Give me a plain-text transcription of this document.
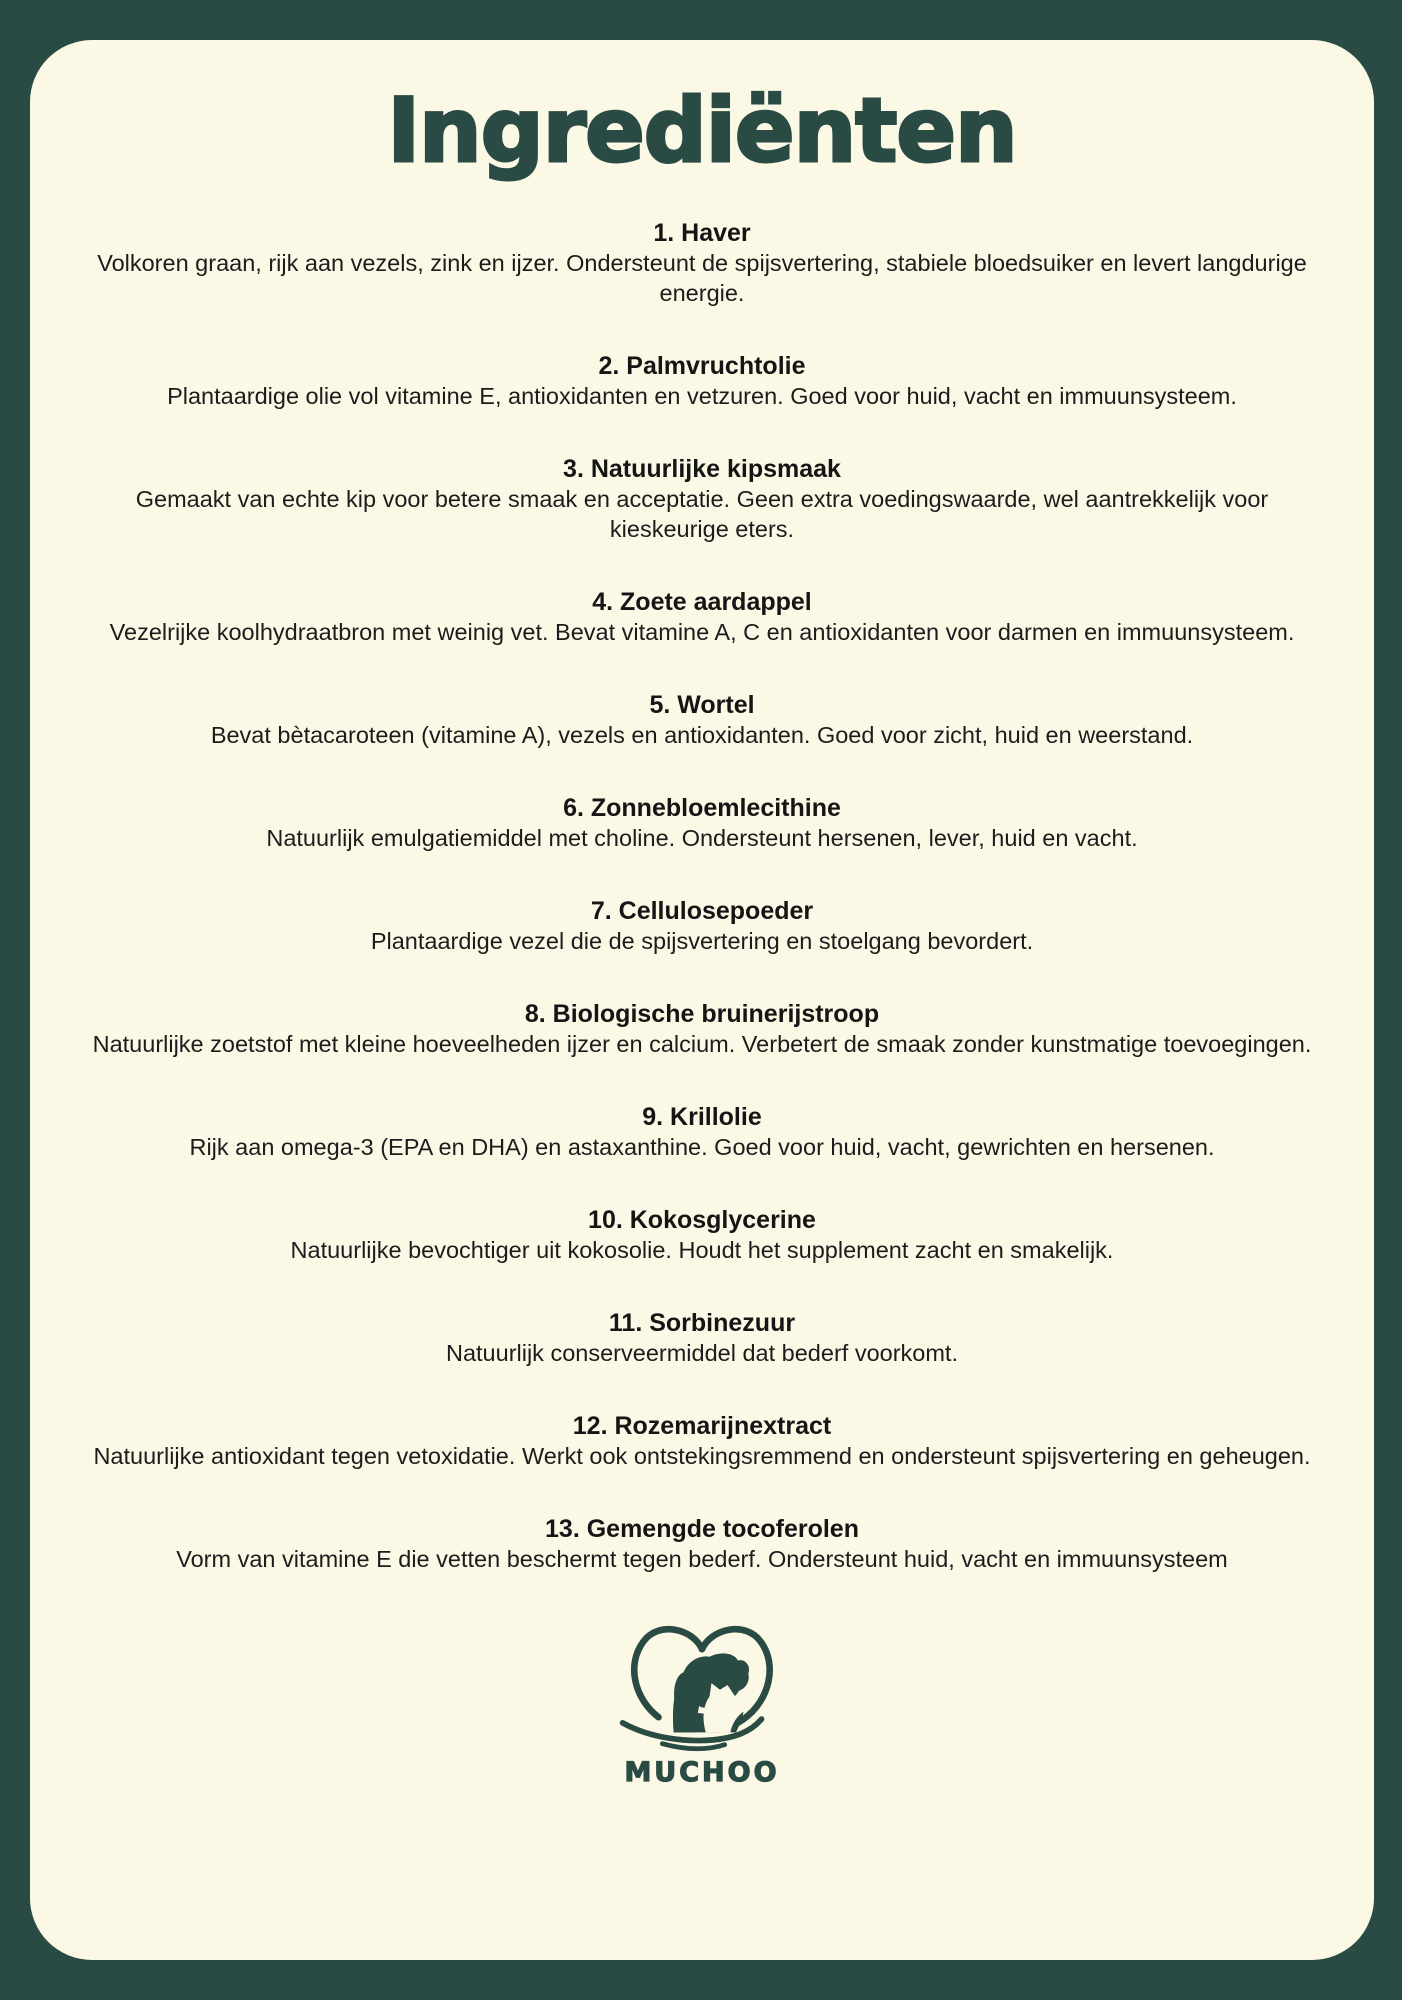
Ingrediënten
1. Haver

Volkoren graan, rijk aan vezels, zink en ijzer. Ondersteunt de spijsvertering, stabiele bloedsuiker en levert langdurige energie.

2. Palmvruchtolie

Plantaardige olie vol vitamine E, antioxidanten en vetzuren. Goed voor huid, vacht en immuunsysteem.

3. Natuurlijke kipsmaak

Gemaakt van echte kip voor betere smaak en acceptatie. Geen extra voedingswaarde, wel aantrekkelijk voor kieskeurige eters.

4. Zoete aardappel

Vezelrijke koolhydraatbron met weinig vet. Bevat vitamine A, C en antioxidanten voor darmen en immuunsysteem.

5. Wortel

Bevat bètacaroteen (vitamine A), vezels en antioxidanten. Goed voor zicht, huid en weerstand.

6. Zonnebloemlecithine

Natuurlijk emulgatiemiddel met choline. Ondersteunt hersenen, lever, huid en vacht.

7. Cellulosepoeder

Plantaardige vezel die de spijsvertering en stoelgang bevordert.

8. Biologische bruinerijstroop

Natuurlijke zoetstof met kleine hoeveelheden ijzer en calcium. Verbetert de smaak zonder kunstmatige toevoegingen.

9. Krillolie

Rijk aan omega-3 (EPA en DHA) en astaxanthine. Goed voor huid, vacht, gewrichten en hersenen.

10. Kokosglycerine

Natuurlijke bevochtiger uit kokosolie. Houdt het supplement zacht en smakelijk.

11. Sorbinezuur

Natuurlijk conserveermiddel dat bederf voorkomt.

12. Rozemarijnextract

Natuurlijke antioxidant tegen vetoxidatie. Werkt ook ontstekingsremmend en ondersteunt spijsvertering en geheugen.

13. Gemengde tocoferolen

Vorm van vitamine E die vetten beschermt tegen bederf. Ondersteunt huid, vacht en immuunsysteem

MUCHOO
